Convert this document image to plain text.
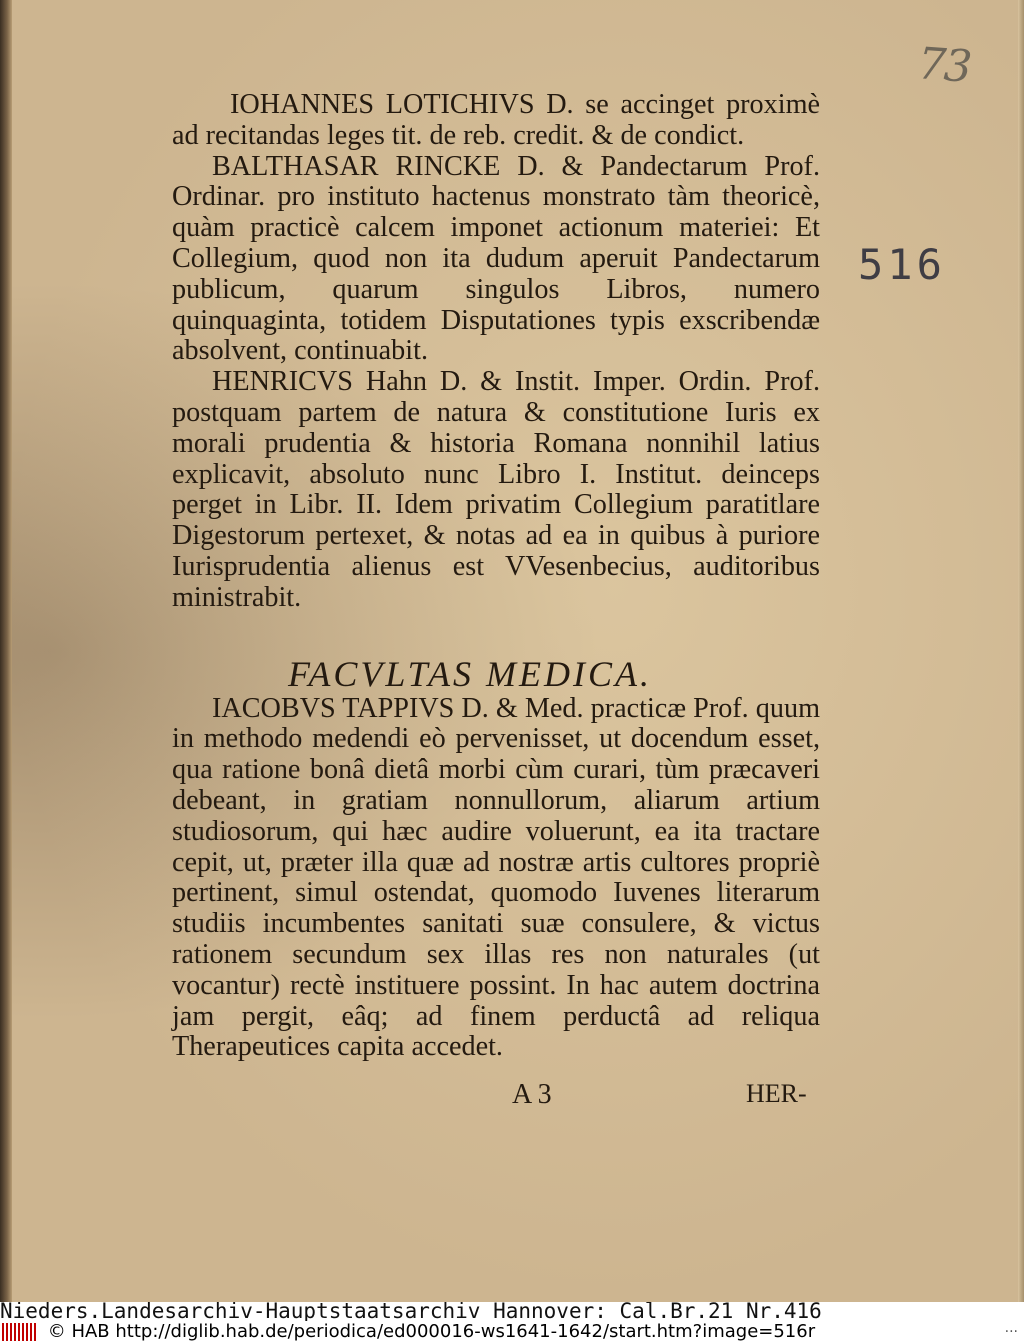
73
516

IOHANNES LOTICHIVS D. se accinget proximè ad recitandas leges tit. de reb. credit. & de condict.

BALTHASAR RINCKE D. & Pandectarum Prof. Ordinar. pro instituto hactenus monstrato tàm theoricè, quàm practicè calcem imponet actionum materiei: Et Collegium, quod non ita dudum aperuit Pandectarum publicum, quarum singulos Libros, numero quinquaginta, totidem Disputationes typis exscribendæ absolvent, continuabit.

HENRICVS Hahn D. & Instit. Imper. Ordin. Prof. postquam partem de natura & constitutione Iuris ex morali prudentia & historia Romana nonnihil latius explicavit, absoluto nunc Libro I. Institut. deinceps perget in Libr. II. Idem privatim Collegium paratitlare Digestorum pertexet, & notas ad ea in quibus à puriore Iurisprudentia alienus est VVesenbecius, auditoribus ministrabit.

FACVLTAS MEDICA.

IACOBVS TAPPIVS D. & Med. practicæ Prof. quum in methodo medendi eò pervenisset, ut docendum esset, qua ratione bonâ dietâ morbi cùm curari, tùm præcaveri debeant, in gratiam nonnullorum, aliarum artium studiosorum, qui hæc audire voluerunt, ea ita tractare cepit, ut, præter illa quæ ad nostræ artis cultores propriè pertinent, simul ostendat, quomodo Iuvenes literarum studiis incumbentes sanitati suæ consulere, & victus rationem secundum sex illas res non naturales (ut vocantur) rectè instituere possint. In hac autem doctrina jam pergit, eâq; ad finem perductâ ad reliqua Therapeutices capita accedet.

A 3	HER-
Nieders.Landesarchiv-Hauptstaatsarchiv Hannover: Cal.Br.21 Nr.416
© HAB http://diglib.hab.de/periodica/ed000016-ws1641-1642/start.htm?image=516r	···
